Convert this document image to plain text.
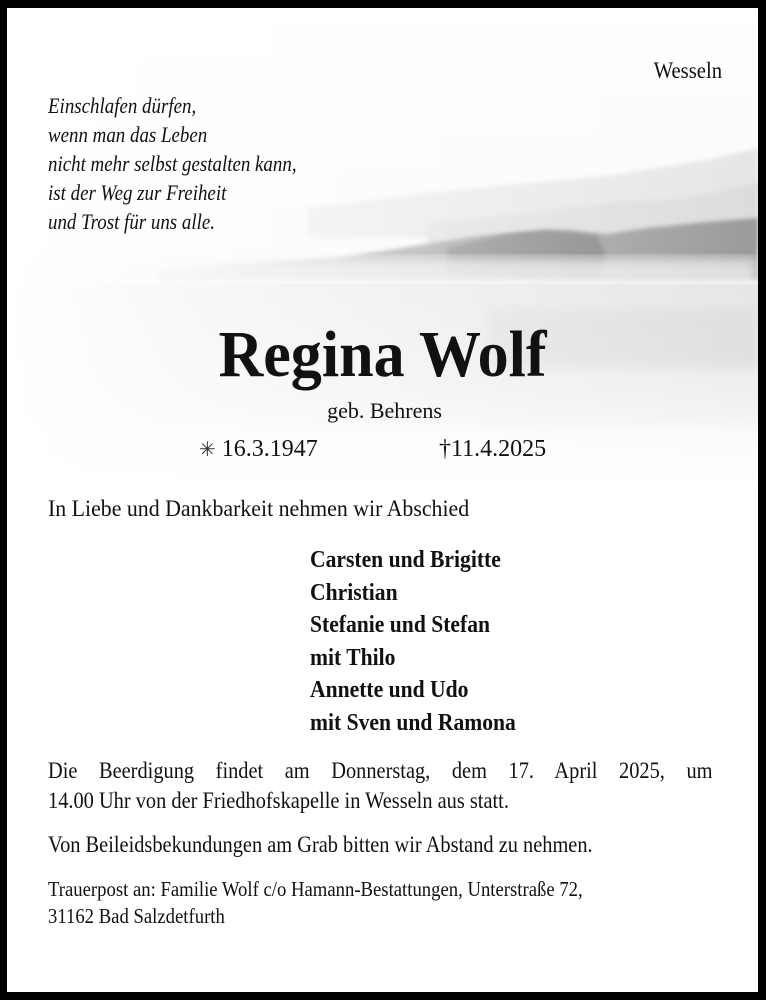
Wesseln
Einschlafen dürfen,
wenn man das Leben
nicht mehr selbst gestalten kann,
ist der Weg zur Freiheit
und Trost für uns alle.
Regina Wolf
geb. Behrens
✳ 16.3.1947	†11.4.2025
In Liebe und Dankbarkeit nehmen wir Abschied
Carsten und Brigitte
Christian
Stefanie und Stefan
mit Thilo
Annette und Udo
mit Sven und Ramona
Die Beerdigung findet am Donnerstag, dem 17. April 2025, um
14.00 Uhr von der Friedhofskapelle in Wesseln aus statt.
Von Beileidsbekundungen am Grab bitten wir Abstand zu nehmen.
Trauerpost an: Familie Wolf c/o Hamann-Bestattungen, Unterstraße 72,
31162 Bad Salzdetfurth
